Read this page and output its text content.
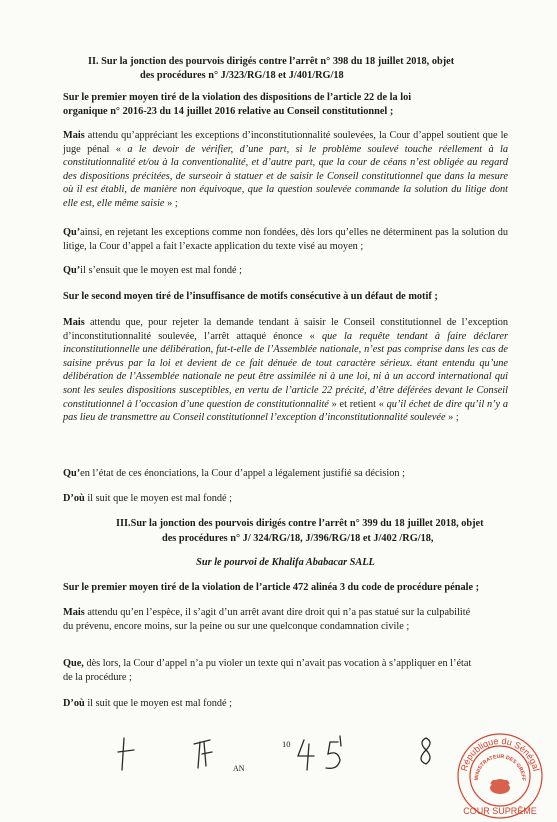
II. Sur la jonction des pourvois dirigés contre l’arrêt n° 398 du 18 juillet 2018, objet

des procédures n° J/323/RG/18 et J/401/RG/18

Sur le premier moyen tiré de la violation des dispositions de l’article 22 de la loi

organique n° 2016-23 du 14 juillet 2016 relative au Conseil constitutionnel ;

Mais attendu qu’appréciant les exceptions d’inconstitutionnalité soulevées, la Cour d’appel soutient que le juge pénal « a le devoir de vérifier, d’une part, si le problème soulevé touche réellement à la constitutionnalité et/ou à la conventionalité, et d’autre part, que la cour de céans n’est obligée au regard des dispositions précitées, de surseoir à statuer et de saisir le Conseil constitutionnel que dans la mesure où il est établi, de manière non équivoque, que la question soulevée commande la solution du litige dont elle est, elle même saisie » ;

Qu’ainsi, en rejetant les exceptions comme non fondées, dès lors qu’elles ne déterminent pas la solution du litige, la Cour d’appel a fait l’exacte application du texte visé au moyen ;

Qu’il s’ensuit que le moyen est mal fondé ;

Sur le second moyen tiré de l’insuffisance de motifs consécutive à un défaut de motif ;

Mais attendu que, pour rejeter la demande tendant à saisir le Conseil constitutionnel de l’exception d’inconstitutionnalité soulevée, l’arrêt attaqué énonce « que la requête tendant à faire déclarer inconstitutionnelle une délibération, fut-t-elle de l’Assemblée nationale, n’est pas comprise dans les cas de saisine prévus par la loi et devient de ce fait dénuée de tout caractère sérieux. étant entendu qu’une délibération de l’Assemblée nationale ne peut être assimilée ni à une loi, ni à un accord international qui sont les seules dispositions susceptibles, en vertu de l’article 22 précité, d’être déférées devant le Conseil constitutionnel à l’occasion d’une question de constitutionnalité » et retient « qu’il échet de dire qu’il n’y a pas lieu de transmettre au Conseil constitutionnel l’exception d’inconstitutionnalité soulevée » ;

Qu’en l’état de ces énonciations, la Cour d’appel a légalement justifié sa décision ;

D’où il suit que le moyen est mal fondé ;

III.Sur la jonction des pourvois dirigés contre l’arrêt n° 399 du 18 juillet 2018, objet

des procédures n° J/ 324/RG/18, J/396/RG/18 et J/402 /RG/18,

Sur le pourvoi de Khalifa Ababacar SALL

Sur le premier moyen tiré de la violation de l’article 472 alinéa 3 du code de procédure pénale ;

Mais attendu qu’en l’espèce, il s’agit d’un arrêt avant dire droit qui n’a pas statué sur la culpabilité du prévenu, encore moins, sur la peine ou sur une quelconque condamnation civile ;

Que, dès lors, la Cour d’appel n’a pu violer un texte qui n’avait pas vocation à s’appliquer en l’état de la procédure ;

D’où il suit que le moyen est mal fondé ;

10
AN	République du Sénégal
MINISTRATEUR DES GREFF
COUR SUPRÊME
